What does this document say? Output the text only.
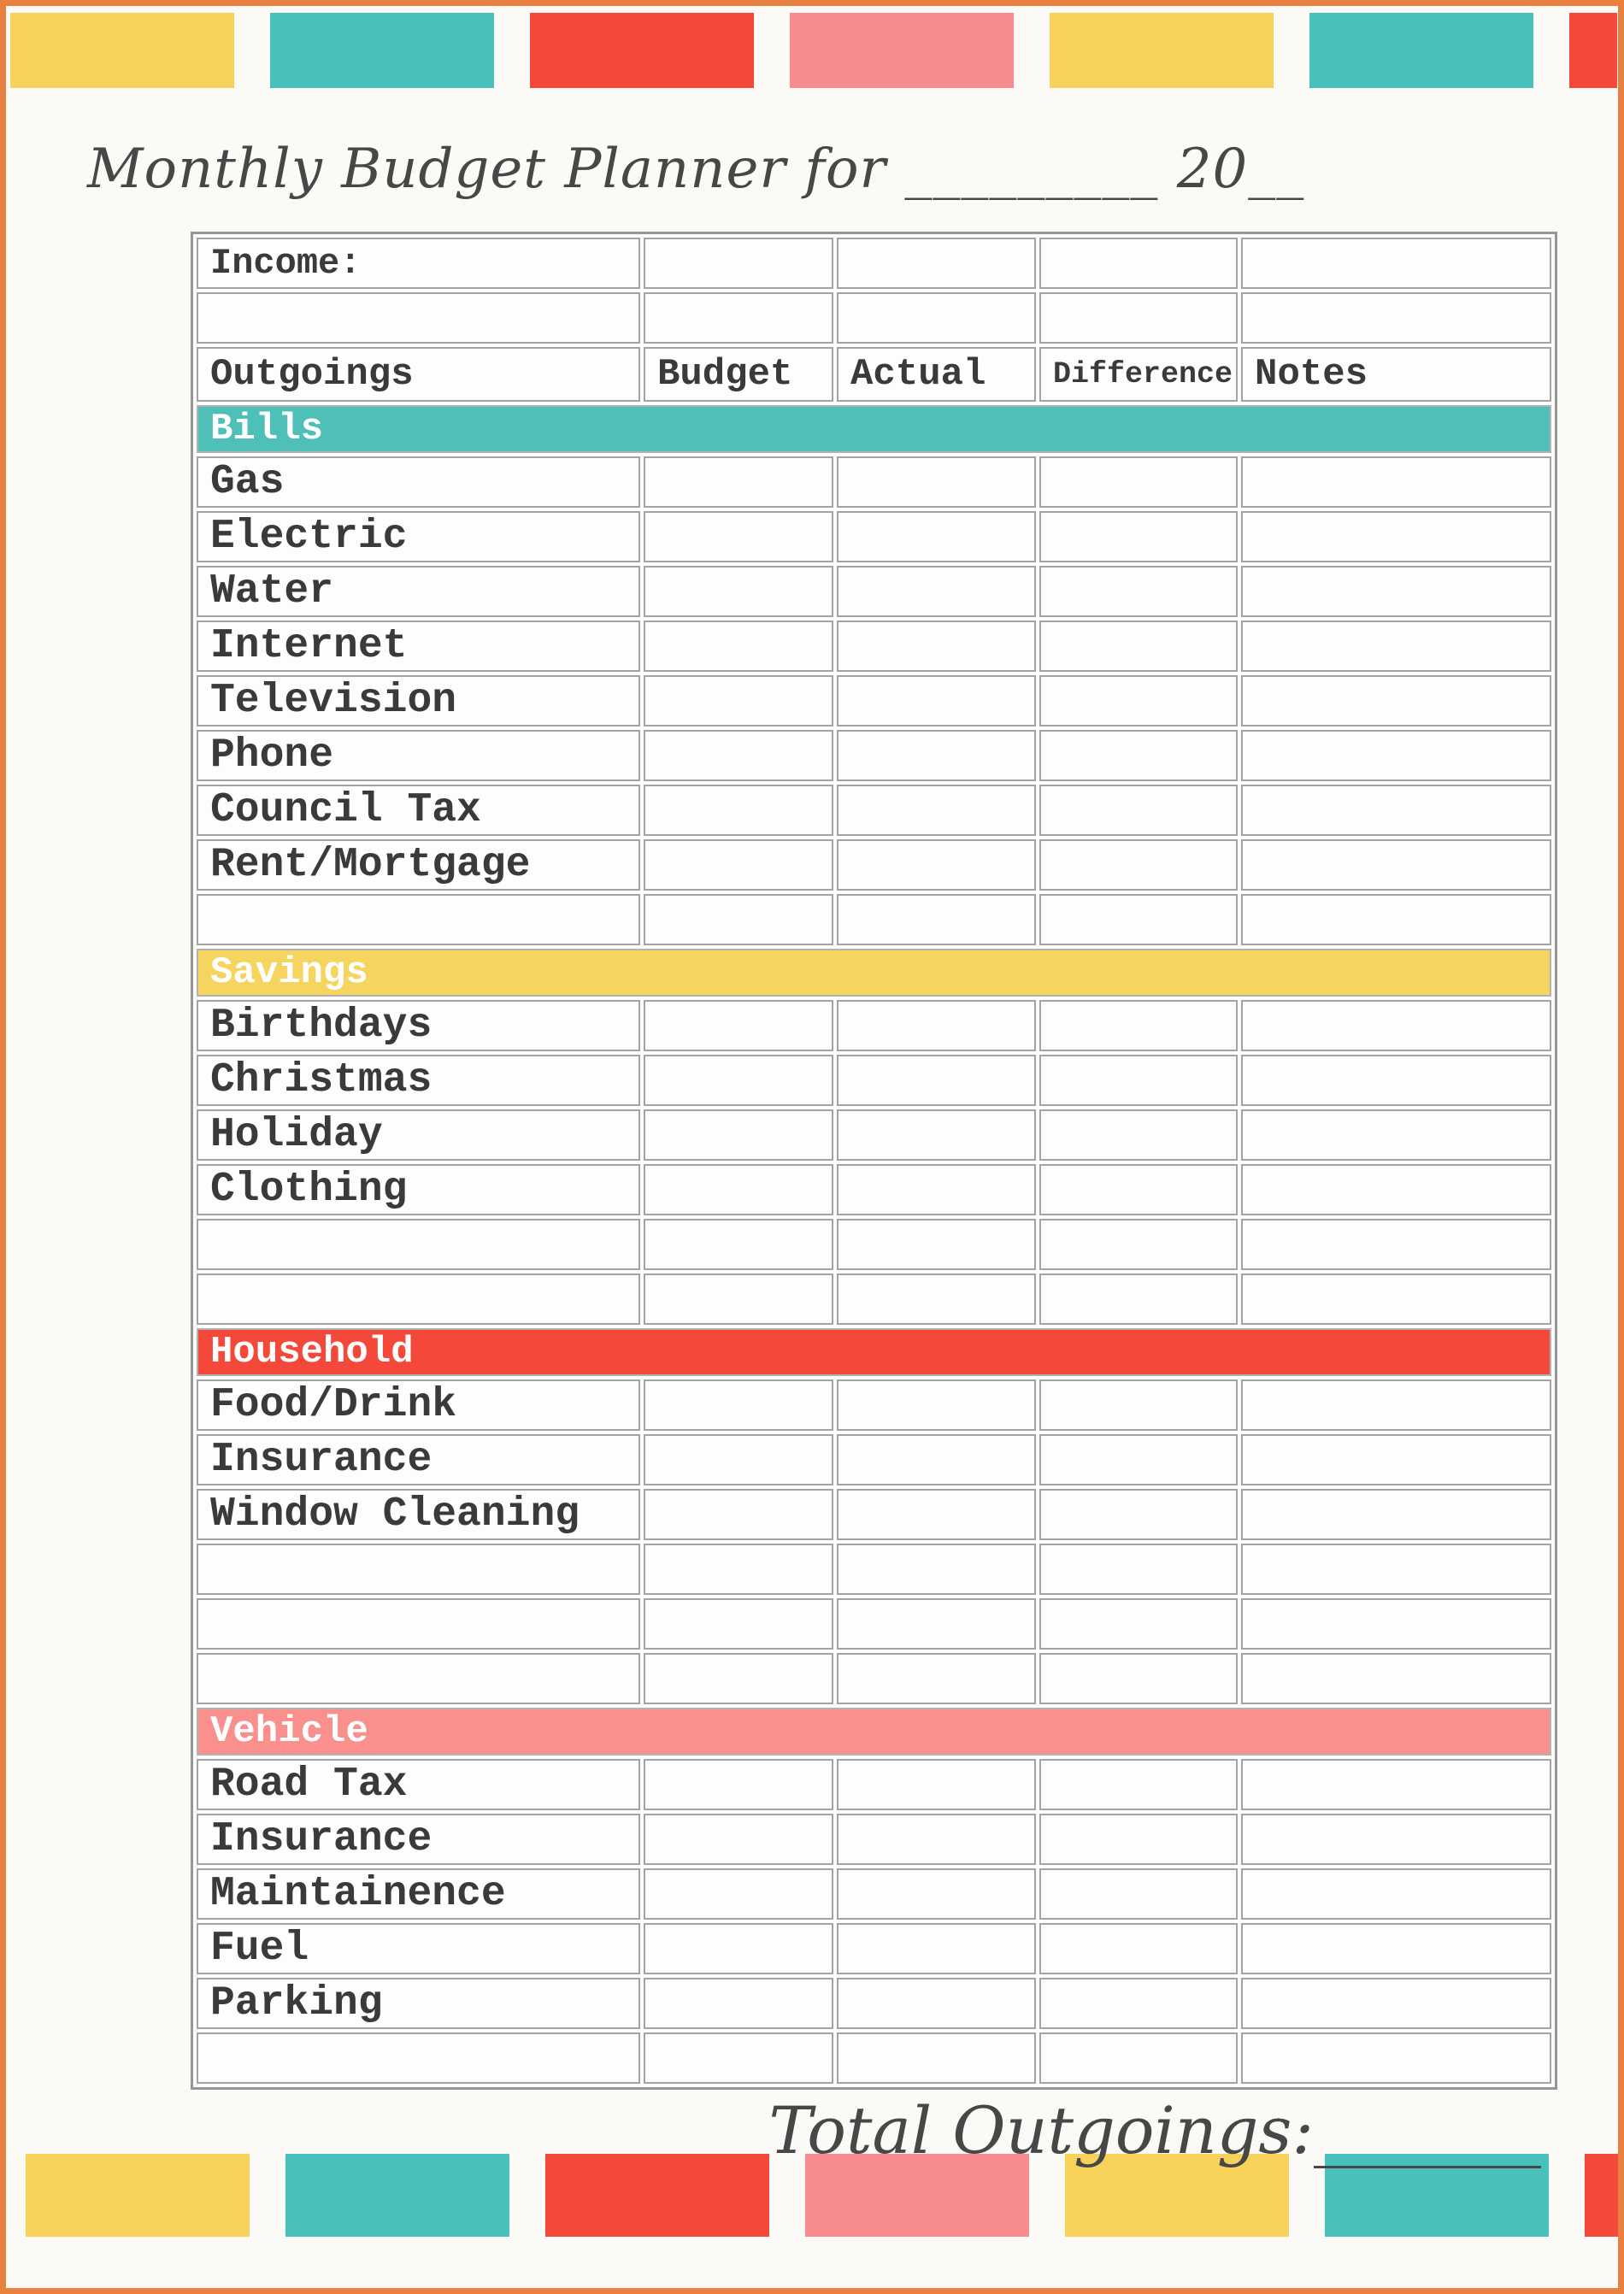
Monthly Budget Planner for _________ 20__
Income:				

Outgoings	Budget	Actual	Difference	Notes
Bills				
Gas				
Electric				
Water				
Internet				
Television				
Phone				
Council Tax				
Rent/Mortgage				

Savings				
Birthdays				
Christmas				
Holiday				
Clothing				

Household				
Food/Drink				
Insurance				
Window Cleaning				

Vehicle				
Road Tax				
Insurance				
Maintainence				
Fuel				
Parking				

Total Outgoings:_______
